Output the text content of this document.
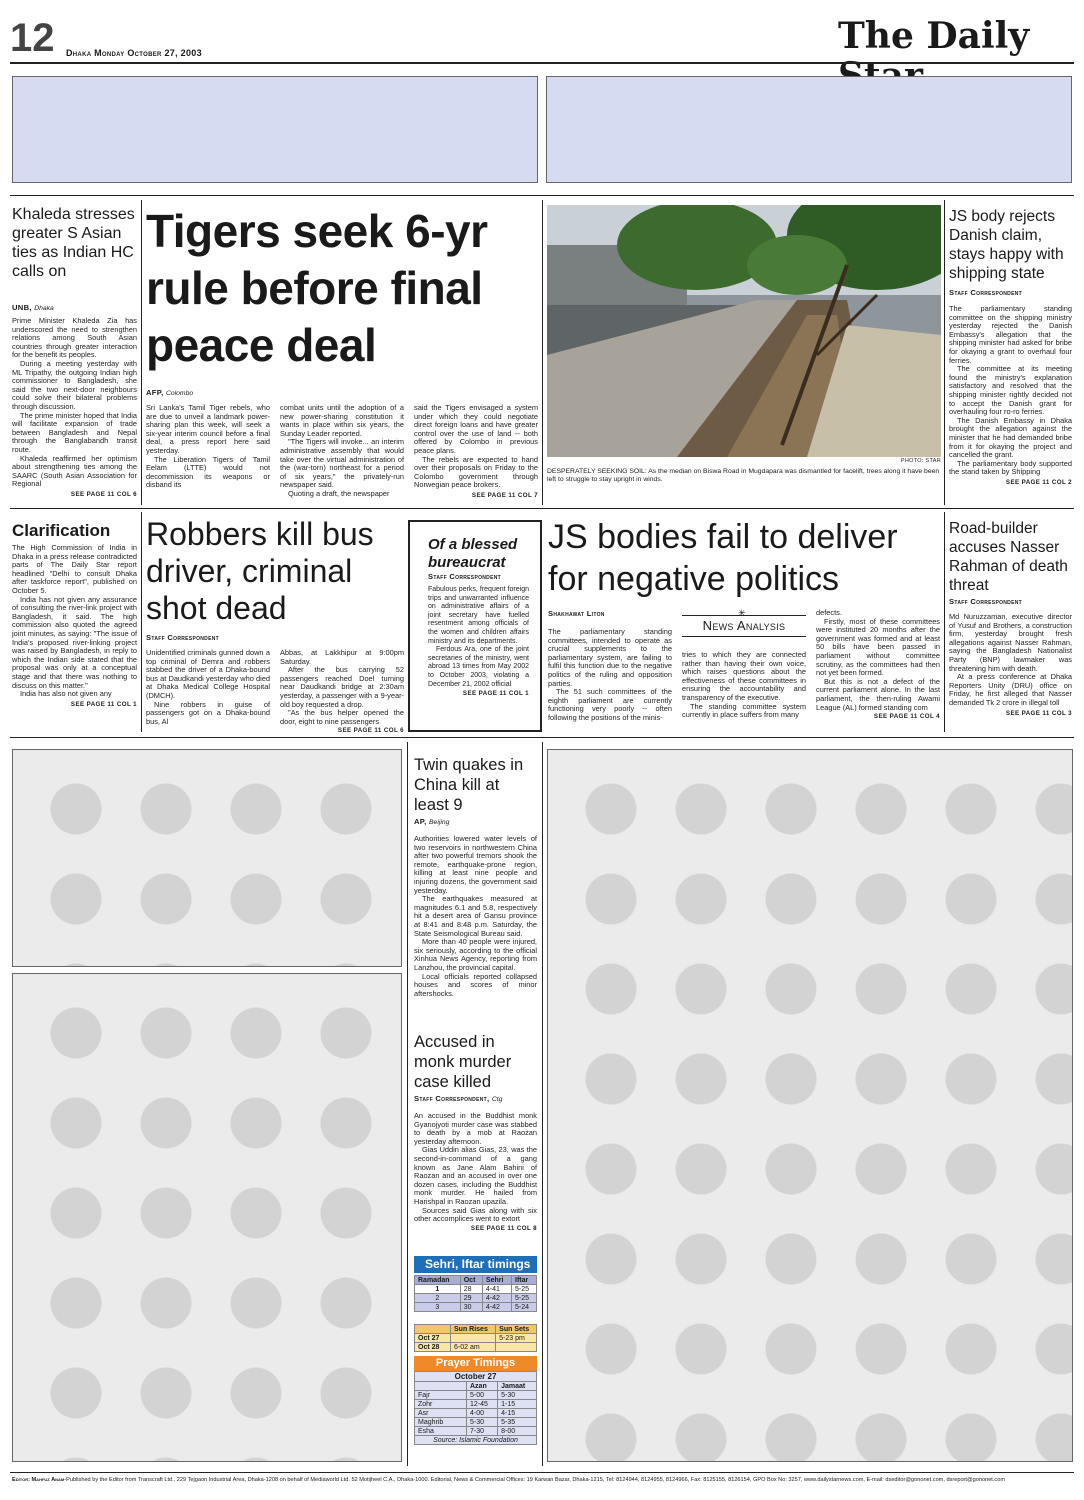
12 Dhaka Monday October 27, 2003	The Daily
Khaleda stresses greater S Asian ties as Indian HC calls on
UNB, Dhaka

Prime Minister Khaleda Zia has underscored the need to strengthen relations among South Asian countries through greater interaction for the benefit its peoples.

During a meeting yesterday with ML Tripathy, the outgoing Indian high commissioner to Bangladesh, she said the two next-door neighbours could solve their bilateral problems through discussion.

The prime minister hoped that India will facilitate expansion of trade between Bangladesh and Nepal through the Banglabandh transit route.

Khaleda reaffirmed her optimism about strengthening ties among the SAARC (South Asian Association for Regional

SEE PAGE 11 COL 6
Tigers seek 6-yr rule before final peace deal
AFP, Colombo

Sri Lanka's Tamil Tiger rebels, who are due to unveil a landmark power-sharing plan this week, will seek a six-year interim council before a final deal, a press report here said yesterday.

The Liberation Tigers of Tamil Eelam (LTTE) would not decommission its weapons or disband its

combat units until the adoption of a new power-sharing constitution it wants in place within six years, the Sunday Leader reported.

"The Tigers will invoke... an interim administrative assembly that would take over the virtual administration of the (war-torn) northeast for a period of six years," the privately-run newspaper said.

Quoting a draft, the newspaper

said the Tigers envisaged a system under which they could negotiate direct foreign loans and have greater control over the use of land -- both offered by Colombo in previous peace plans.

The rebels are expected to hand over their proposals on Friday to the Colombo government through Norwegian peace brokers.

SEE PAGE 11 COL 7
PHOTO: STAR
DESPERATELY SEEKING SOIL: As the median on Biswa Road in Mugdapara was dismantled for facelift, trees along it have been left to struggle to stay upright in winds.
JS body rejects Danish claim, stays happy with shipping state
Staff Correspondent

The parliamentary standing committee on the shipping ministry yesterday rejected the Danish Embassy's allegation that the shipping minister had asked for bribe for okaying a grant to overhaul four ferries.

The committee at its meeting found the ministry's explanation satisfactory and resolved that the shipping minister rightly decided not to accept the Danish grant for overhauling four ro-ro ferries.

The Danish Embassy in Dhaka brought the allegation against the minister that he had demanded bribe from it for okaying the project and cancelled the grant.

The parliamentary body supported the stand taken by Shipping

SEE PAGE 11 COL 2
Clarification

The High Commission of India in Dhaka in a press release contradicted parts of The Daily Star report headlined "Delhi to consult Dhaka after taskforce report", published on October 5.

India has not given any assurance of consulting the river-link project with Bangladesh, it said. The high commission also quoted the agreed joint minutes, as saying: "The issue of India's proposed river-linking project was raised by Bangladesh, in reply to which the Indian side stated that the proposal was only at a conceptual stage and that there was nothing to discuss on this matter."

India has also not given any

SEE PAGE 11 COL 1
Robbers kill bus driver, criminal shot dead
Staff Correspondent

Unidentified criminals gunned down a top criminal of Demra and robbers stabbed the driver of a Dhaka-bound bus at Daudkandi yesterday who died at Dhaka Medical College Hospital (DMCH).

Nine robbers in guise of passengers got on a Dhaka-bound bus, Al

Abbas, at Lakkhipur at 9:00pm Saturday.

After the bus carrying 52 passengers reached Doel turning near Daudkandi bridge at 2:30am yesterday, a passenger with a 9-year-old boy requested a drop.

"As the bus helper opened the door, eight to nine passengers

SEE PAGE 11 COL 6
Of a blessed bureaucrat
Staff Correspondent

Fabulous perks, frequent foreign trips and unwarranted influence on administrative affairs of a joint secretary have fuelled resentment among officials of the women and children affairs ministry and its departments.

Ferdous Ara, one of the joint secretaries of the ministry, went abroad 13 times from May 2002 to October 2003, violating a December 21, 2002 official

SEE PAGE 11 COL 1
JS bodies fail to deliver for negative politics
Shakhawat Liton

The parliamentary standing committees, intended to operate as crucial supplements to the parliamentary system, are failing to fulfil this function due to the negative politics of the ruling and opposition parties.

The 51 such committees of the eighth parliament are currently functioning very poorly -- often following the positions of the minis-

✳
News Analysis

tries to which they are connected rather than having their own voice, which raises questions about the effectiveness of these committees in ensuring the accountability and transparency of the executive.

The standing committee system currently in place suffers from many

defects.

Firstly, most of these committees were instituted 20 months after the government was formed and at least 50 bills have been passed in parliament without committee scrutiny, as the committees had then not yet been formed.

But this is not a defect of the current parliament alone. In the last parliament, the then-ruling Awami League (AL) formed standing com

SEE PAGE 11 COL 4
Road-builder accuses Nasser Rahman of death threat
Staff Correspondent

Md Nuruzzaman, executive director of Yusuf and Brothers, a construction firm, yesterday brought fresh allegations against Nasser Rahman, saying the Bangladesh Nationalist Party (BNP) lawmaker was threatening him with death.

At a press conference at Dhaka Reporters Unity (DRU) office on Friday, he first alleged that Nasser demanded Tk 2 crore in illegal toll

SEE PAGE 11 COL 3
Twin quakes in China kill at least 9
AP, Beijing

Authorities lowered water levels of two reservoirs in northwestern China after two powerful tremors shook the remote, earthquake-prone region, killing at least nine people and injuring dozens, the government said yesterday.

The earthquakes measured at magnitudes 6.1 and 5.8, respectively hit a desert area of Gansu province at 8:41 and 8:48 p.m. Saturday, the State Seismological Bureau said.

More than 40 people were injured, six seriously, according to the official Xinhua News Agency, reporting from Lanzhou, the provincial capital.

Local officials reported collapsed houses and scores of minor aftershocks.

Accused in monk murder case killed
Staff Correspondent, Ctg

An accused in the Buddhist monk Gyanojyoti murder case was stabbed to death by a mob at Raozan yesterday afternoon.

Gias Uddin alias Gias, 23, was the second-in-command of a gang known as Jane Alam Bahini of Raozan and an accused in over one dozen cases, including the Buddhist monk murder. He hailed from Harishpal in Raozan upazila.

Sources said Gias along with six other accomplices went to extort

SEE PAGE 11 COL 8
Sehri, Iftar timings
Ramadan	Oct	Sehri	Iftar
1	28	4-41	5-25
2	29	4-42	5-25
3	30	4-42	5-24
	Sun Rises	Sun Sets
Oct 27		5-23 pm
Oct 28	6-02 am	
Prayer Timings
October 27		
	Azan	Jamaat
Fajr	5-00	5-30
Zohr	12-45	1-15
Asr	4-00	4-15
Maghrib	5-30	5-35
Esha	7-30	8-00
Source: Islamic Foundation		
Editor: Mahfuz Anam-Published by the Editor from Transcraft Ltd., 229 Tejgaon Industrial Area, Dhaka-1208 on behalf of Mediaworld Ltd. 52 Motijheel C.A., Dhaka-1000. Editorial, News & Commercial Offices: 19 Karwan Bazar, Dhaka-1215, Tel: 8124944, 8124955, 8124966, Fax: 8125155, 8126154, GPO Box No: 3257, www.dailystarnews.com, E-mail: dseditor@gononet.com, dsreport@gononet.com
